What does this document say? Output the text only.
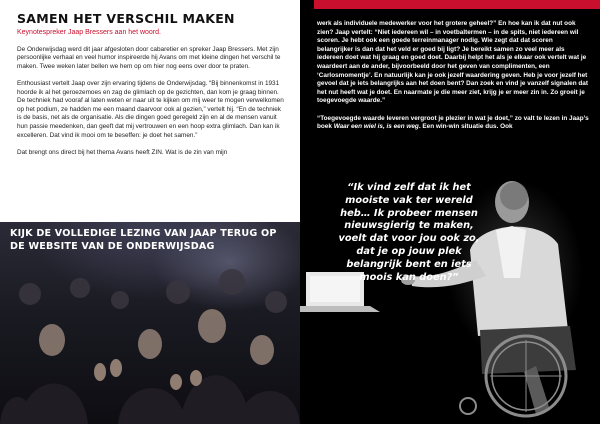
SAMEN HET VERSCHIL MAKEN

Keynotespreker Jaap Bressers aan het woord.

De Onderwijsdag werd dit jaar afgesloten door cabaretier en spreker Jaap Bressers. Met zijn persoonlijke verhaal en veel humor inspireerde hij Avans om met kleine dingen het verschil te maken. Twee weken later bellen we hem op om hier nog eens over door te praten.

Enthousiast vertelt Jaap over zijn ervaring tijdens de Onderwijsdag. “Bij binnenkomst in 1931 hoorde ik al het geroezemoes en zag de glimlach op de gezichten, dan kom je graag binnen. De techniek had vooraf al laten weten er naar uit te kijken om mij weer te mogen verwelkomen op het podium, ze hadden me een maand daarvoor ook al gezien,” vertelt hij. “En de techniek is de basis, net als de organisatie. Als die dingen goed geregeld zijn en al de mensen vanuit hun passie meedenken, dan geeft dat mij vertrouwen en een hoop extra glimlach. Dan kan ik excelleren. Dat vind ik mooi om te beseffen: je doet het samen.”

Dat brengt ons direct bij het thema Avans heeft ZIN. Wat is de zin van mijn

KIJK DE VOLLEDIGE LEZING VAN JAAP TERUG OP DE WEBSITE VAN DE ONDERWIJSDAG

werk als individuele medewerker voor het grotere geheel?” En hoe kan ik dat nut ook zien? Jaap vertelt: “Niet iedereen wil – in voetbaltermen – in de spits, niet iedereen wil scoren. Je hebt ook een goede terreinmanager nodig. Wie zegt dat dat scoren belangrijker is dan dat het veld er goed bij ligt? Je bereikt samen zo veel meer als iedereen doet wat hij graag en goed doet. Daarbij helpt het als je elkaar ook vertelt wat je waardeert aan de ander, bijvoorbeeld door het geven van complimenten, een ‘Carlosmomentje’. En natuurlijk kan je ook jezelf waardering geven. Heb je voor jezelf het gevoel dat je iets belangrijks aan het doen bent? Dan zoek en vind je vanzelf signalen dat het nut heeft wat je doet. En naarmate je die meer ziet, krijg je er meer zin in. Zo groeit je toegevoegde waarde.”

“Toegevoegde waarde leveren vergroot je plezier in wat je doet,” zo valt te lezen in Jaap’s boek Waar een wiel is, is een weg. Een win-win situatie dus. Ook

“Ik vind zelf dat ik het mooiste vak ter wereld heb… Ik probeer mensen nieuwsgierig te maken, voelt dat voor jou ook zo, dat je op jouw plek belangrijk bent en iets moois kan doen?”
